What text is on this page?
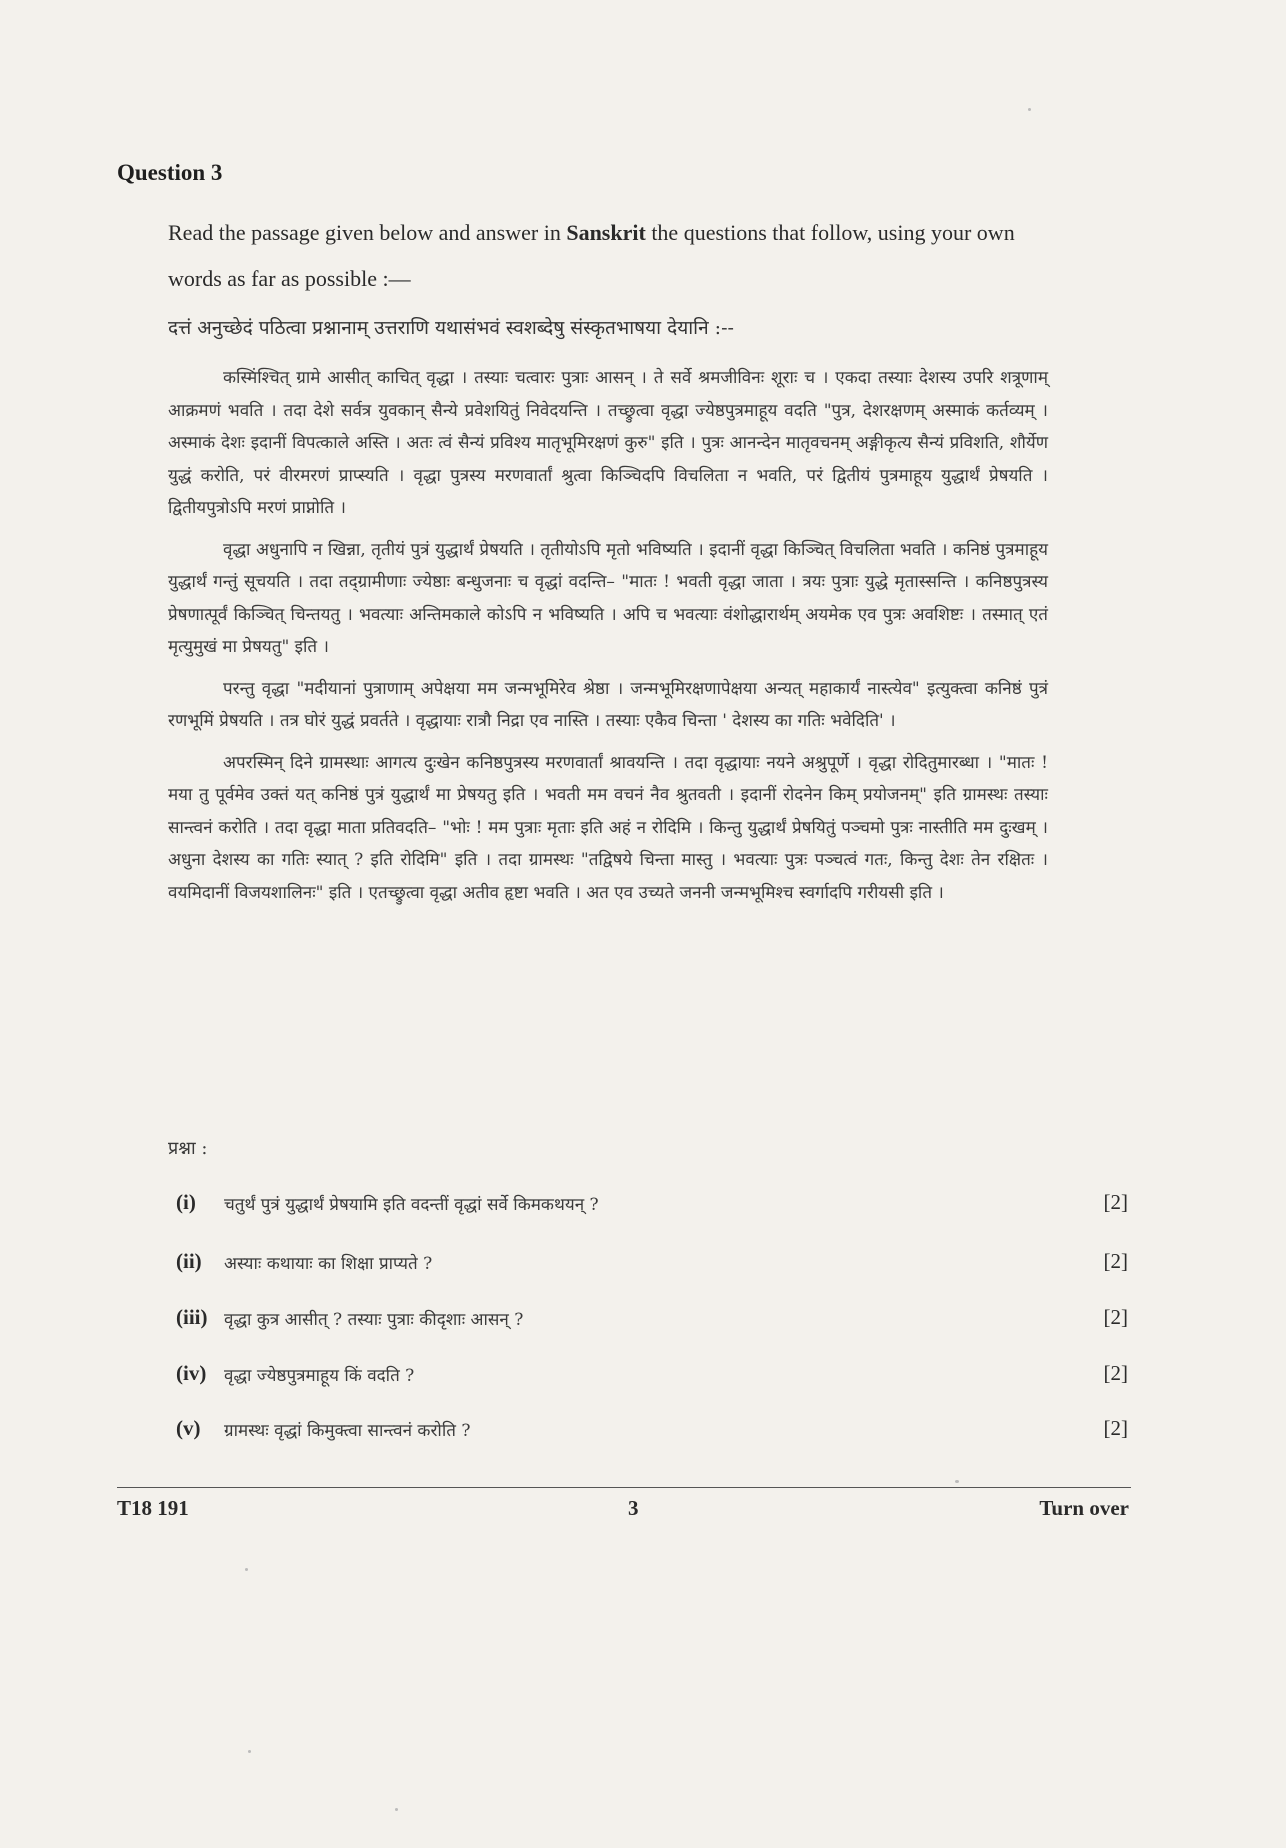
Question 3
Read the passage given below and answer in Sanskrit the questions that follow, using your own words as far as possible :—
दत्तं अनुच्छेदं पठित्वा प्रश्नानाम् उत्तराणि यथासंभवं स्वशब्देषु संस्कृतभाषया देयानि :--

कस्मिंश्चित् ग्रामे आसीत् काचित् वृद्धा । तस्याः चत्वारः पुत्राः आसन् । ते सर्वे श्रमजीविनः शूराः च । एकदा तस्याः देशस्य उपरि शत्रूणाम् आक्रमणं भवति । तदा देशे सर्वत्र युवकान् सैन्ये प्रवेशयितुं निवेदयन्ति । तच्छ्रुत्वा वृद्धा ज्येष्ठपुत्रमाहूय वदति "पुत्र, देशरक्षणम् अस्माकं कर्तव्यम् । अस्माकं देशः इदानीं विपत्काले अस्ति । अतः त्वं सैन्यं प्रविश्य मातृभूमिरक्षणं कुरु" इति । पुत्रः आनन्देन मातृवचनम् अङ्गीकृत्य सैन्यं प्रविशति, शौर्येण युद्धं करोति, परं वीरमरणं प्राप्स्यति । वृद्धा पुत्रस्य मरणवार्तां श्रुत्वा किञ्चिदपि विचलिता न भवति, परं द्वितीयं पुत्रमाहूय युद्धार्थं प्रेषयति । द्वितीयपुत्रोऽपि मरणं प्राप्नोति ।

वृद्धा अधुनापि न खिन्ना, तृतीयं पुत्रं युद्धार्थं प्रेषयति । तृतीयोऽपि मृतो भविष्यति । इदानीं वृद्धा किञ्चित् विचलिता भवति । कनिष्ठं पुत्रमाहूय युद्धार्थं गन्तुं सूचयति । तदा तद्ग्रामीणाः ज्येष्ठाः बन्धुजनाः च वृद्धां वदन्ति– "मातः ! भवती वृद्धा जाता । त्रयः पुत्राः युद्धे मृतास्सन्ति । कनिष्ठपुत्रस्य प्रेषणात्पूर्वं किञ्चित् चिन्तयतु । भवत्याः अन्तिमकाले कोऽपि न भविष्यति । अपि च भवत्याः वंशोद्धारार्थम् अयमेक एव पुत्रः अवशिष्टः । तस्मात् एतं मृत्युमुखं मा प्रेषयतु" इति ।

परन्तु वृद्धा "मदीयानां पुत्राणाम् अपेक्षया मम जन्मभूमिरेव श्रेष्ठा । जन्मभूमिरक्षणापेक्षया अन्यत् महाकार्यं नास्त्येव" इत्युक्त्वा कनिष्ठं पुत्रं रणभूमिं प्रेषयति । तत्र घोरं युद्धं प्रवर्तते । वृद्धायाः रात्रौ निद्रा एव नास्ति । तस्याः एकैव चिन्ता ' देशस्य का गतिः भवेदिति' ।

अपरस्मिन् दिने ग्रामस्थाः आगत्य दुःखेन कनिष्ठपुत्रस्य मरणवार्तां श्रावयन्ति । तदा वृद्धायाः नयने अश्रुपूर्णे । वृद्धा रोदितुमारब्धा । "मातः ! मया तु पूर्वमेव उक्तं यत् कनिष्ठं पुत्रं युद्धार्थं मा प्रेषयतु इति । भवती मम वचनं नैव श्रुतवती । इदानीं रोदनेन किम् प्रयोजनम्" इति ग्रामस्थः तस्याः सान्त्वनं करोति । तदा वृद्धा माता प्रतिवदति– "भोः ! मम पुत्राः मृताः इति अहं न रोदिमि । किन्तु युद्धार्थं प्रेषयितुं पञ्चमो पुत्रः नास्तीति मम दुःखम् । अधुना देशस्य का गतिः स्यात् ? इति रोदिमि" इति । तदा ग्रामस्थः "तद्विषये चिन्ता मास्तु । भवत्याः पुत्रः पञ्चत्वं गतः, किन्तु देशः तेन रक्षितः । वयमिदानीं विजयशालिनः" इति । एतच्छ्रुत्वा वृद्धा अतीव हृष्टा भवति । अत एव उच्यते जननी जन्मभूमिश्च स्वर्गादपि गरीयसी इति ।

प्रश्ना :
(i) चतुर्थं पुत्रं युद्धार्थं प्रेषयामि इति वदन्तीं वृद्धां सर्वे किमकथयन् ?	[2]
(ii) अस्याः कथायाः का शिक्षा प्राप्यते ?	[2]
(iii) वृद्धा कुत्र आसीत् ? तस्याः पुत्राः कीदृशाः आसन् ?	[2]
(iv) वृद्धा ज्येष्ठपुत्रमाहूय किं वदति ?	[2]
(v) ग्रामस्थः वृद्धां किमुक्त्वा सान्त्वनं करोति ?	[2]
T18 191	3	Turn over
